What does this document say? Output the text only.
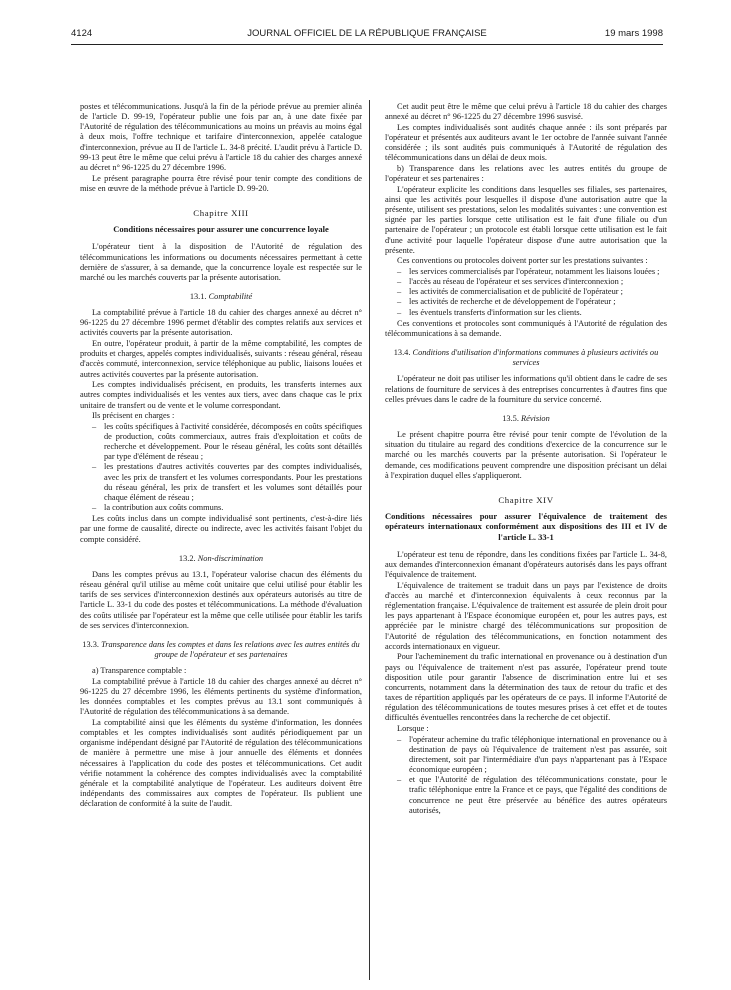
4124	JOURNAL OFFICIEL DE LA RÉPUBLIQUE FRANÇAISE	19 mars 1998

postes et télécommunications. Jusqu'à la fin de la période prévue au premier alinéa de l'article D. 99-19, l'opérateur publie une fois par an, à une date fixée par l'Autorité de régulation des télécommunications au moins un préavis au moins égal à deux mois, l'offre technique et tarifaire d'interconnexion, appelée catalogue d'interconnexion, prévue au II de l'article L. 34-8 précité. L'audit prévu à l'article D. 99-13 peut être le même que celui prévu à l'article 18 du cahier des charges annexé au décret n° 96-1225 du 27 décembre 1996.

Le présent paragraphe pourra être révisé pour tenir compte des conditions de mise en œuvre de la méthode prévue à l'article D. 99-20.

Chapitre XIII
Conditions nécessaires pour assurer une concurrence loyale

L'opérateur tient à la disposition de l'Autorité de régulation des télécommunications les informations ou documents nécessaires permettant à cette dernière de s'assurer, à sa demande, que la concurrence loyale est respectée sur le marché ou les marchés couverts par la présente autorisation.

13.1. Comptabilité

La comptabilité prévue à l'article 18 du cahier des charges annexé au décret n° 96-1225 du 27 décembre 1996 permet d'établir des comptes relatifs aux services et activités couverts par la présente autorisation.

En outre, l'opérateur produit, à partir de la même comptabilité, les comptes de produits et charges, appelés comptes individualisés, suivants : réseau général, réseau d'accès commuté, interconnexion, service téléphonique au public, liaisons louées et autres activités couvertes par la présente autorisation.

Les comptes individualisés précisent, en produits, les transferts internes aux autres comptes individualisés et les ventes aux tiers, avec dans chaque cas le prix unitaire de transfert ou de vente et le volume correspondant.

Ils précisent en charges :

– les coûts spécifiques à l'activité considérée, décomposés en coûts spécifiques de production, coûts commerciaux, autres frais d'exploitation et coûts de recherche et développement. Pour le réseau général, les coûts sont détaillés par type d'élément de réseau ;
– les prestations d'autres activités couvertes par des comptes individualisés, avec les prix de transfert et les volumes correspondants. Pour les prestations du réseau général, les prix de transfert et les volumes sont détaillés pour chaque élément de réseau ;
– la contribution aux coûts communs.

Les coûts inclus dans un compte individualisé sont pertinents, c'est-à-dire liés par une forme de causalité, directe ou indirecte, avec les activités faisant l'objet du compte considéré.

13.2. Non-discrimination

Dans les comptes prévus au 13.1, l'opérateur valorise chacun des éléments du réseau général qu'il utilise au même coût unitaire que celui utilisé pour établir les tarifs de ses services d'interconnexion destinés aux opérateurs autorisés au titre de l'article L. 33-1 du code des postes et télécommunications. La méthode d'évaluation des coûts utilisée par l'opérateur est la même que celle utilisée pour établir les tarifs de ses services d'interconnexion.

13.3. Transparence dans les comptes et dans les relations avec les autres entités du groupe de l'opérateur et ses partenaires

a) Transparence comptable :

La comptabilité prévue à l'article 18 du cahier des charges annexé au décret n° 96-1225 du 27 décembre 1996, les éléments pertinents du système d'information, les données comptables et les comptes prévus au 13.1 sont communiqués à l'Autorité de régulation des télécommunications à sa demande.

La comptabilité ainsi que les éléments du système d'information, les données comptables et les comptes individualisés sont audités périodiquement par un organisme indépendant désigné par l'Autorité de régulation des télécommunications de manière à permettre une mise à jour annuelle des éléments et données nécessaires à l'application du code des postes et télécommunications. Cet audit vérifie notamment la cohérence des comptes individualisés avec la comptabilité générale et la comptabilité analytique de l'opérateur. Les auditeurs doivent être indépendants des commissaires aux comptes de l'opérateur. Ils publient une déclaration de conformité à la suite de l'audit.

Cet audit peut être le même que celui prévu à l'article 18 du cahier des charges annexé au décret n° 96-1225 du 27 décembre 1996 susvisé.

Les comptes individualisés sont audités chaque année : ils sont préparés par l'opérateur et présentés aux auditeurs avant le 1er octobre de l'année suivant l'année considérée ; ils sont audités puis communiqués à l'Autorité de régulation des télécommunications dans un délai de deux mois.

b) Transparence dans les relations avec les autres entités du groupe de l'opérateur et ses partenaires :

L'opérateur explicite les conditions dans lesquelles ses filiales, ses partenaires, ainsi que les activités pour lesquelles il dispose d'une autorisation autre que la présente, utilisent ses prestations, selon les modalités suivantes : une convention est signée par les parties lorsque cette utilisation est le fait d'une filiale ou d'un partenaire de l'opérateur ; un protocole est établi lorsque cette utilisation est le fait d'une activité pour laquelle l'opérateur dispose d'une autre autorisation que la présente.

Ces conventions ou protocoles doivent porter sur les prestations suivantes :

– les services commercialisés par l'opérateur, notamment les liaisons louées ;
– l'accès au réseau de l'opérateur et ses services d'interconnexion ;
– les activités de commercialisation et de publicité de l'opérateur ;
– les activités de recherche et de développement de l'opérateur ;
– les éventuels transferts d'information sur les clients.

Ces conventions et protocoles sont communiqués à l'Autorité de régulation des télécommunications à sa demande.

13.4. Conditions d'utilisation d'informations communes à plusieurs activités ou services

L'opérateur ne doit pas utiliser les informations qu'il obtient dans le cadre de ses relations de fourniture de services à des entreprises concurrentes à d'autres fins que celles prévues dans le cadre de la fourniture du service concerné.

13.5. Révision

Le présent chapitre pourra être révisé pour tenir compte de l'évolution de la situation du titulaire au regard des conditions d'exercice de la concurrence sur le marché ou les marchés couverts par la présente autorisation. Si l'opérateur le demande, ces modifications peuvent comprendre une disposition précisant un délai à l'expiration duquel elles s'appliqueront.

Chapitre XIV
Conditions nécessaires pour assurer l'équivalence de traitement des opérateurs internationaux conformément aux dispositions des III et IV de l'article L. 33-1

L'opérateur est tenu de répondre, dans les conditions fixées par l'article L. 34-8, aux demandes d'interconnexion émanant d'opérateurs autorisés dans les pays offrant l'équivalence de traitement.

L'équivalence de traitement se traduit dans un pays par l'existence de droits d'accès au marché et d'interconnexion équivalents à ceux reconnus par la réglementation française. L'équivalence de traitement est assurée de plein droit pour les pays appartenant à l'Espace économique européen et, pour les autres pays, est appréciée par le ministre chargé des télécommunications sur proposition de l'Autorité de régulation des télécommunications, en fonction notamment des accords internationaux en vigueur.

Pour l'acheminement du trafic international en provenance ou à destination d'un pays ou l'équivalence de traitement n'est pas assurée, l'opérateur prend toute disposition utile pour garantir l'absence de discrimination entre lui et ses concurrents, notamment dans la détermination des taux de retour du trafic et des taxes de répartition appliqués par les opérateurs de ce pays. Il informe l'Autorité de régulation des télécommunications de toutes mesures prises à cet effet et de toutes difficultés éventuelles rencontrées dans la recherche de cet objectif.

Lorsque :

– l'opérateur achemine du trafic téléphonique international en provenance ou à destination de pays où l'équivalence de traitement n'est pas assurée, soit directement, soit par l'intermédiaire d'un pays n'appartenant pas à l'Espace économique européen ;
– et que l'Autorité de régulation des télécommunications constate, pour le trafic téléphonique entre la France et ce pays, que l'égalité des conditions de concurrence ne peut être préservée au bénéfice des autres opérateurs autorisés,
